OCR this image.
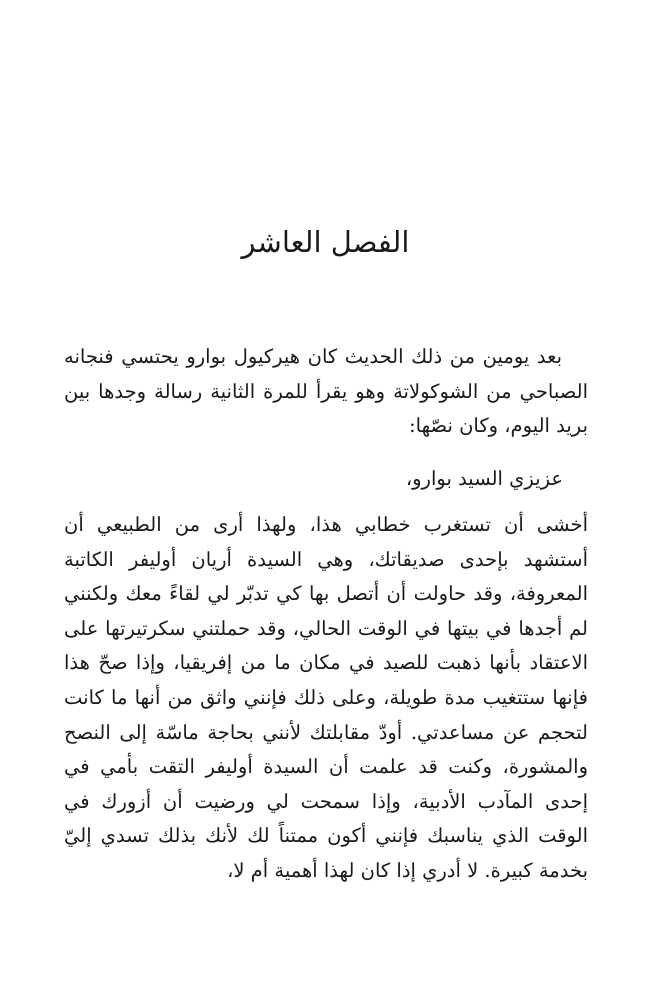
الفصل العاشر

بعد يومين من ذلك الحديث كان هيركيول بوارو يحتسي فنجانه الصباحي من الشوكولاتة وهو يقرأ للمرة الثانية رسالة وجدها بين بريد اليوم، وكان نصّها:

عزيزي السيد بوارو،

أخشى أن تستغرب خطابي هذا، ولهذا أرى من الطبيعي أن أستشهد بإحدى صديقاتك، وهي السيدة أريان أوليفر الكاتبة المعروفة، وقد حاولت أن أتصل بها كي تدبّر لي لقاءً معك ولكنني لم أجدها في بيتها في الوقت الحالي، وقد حملتني سكرتيرتها على الاعتقاد بأنها ذهبت للصيد في مكان ما من إفريقيا، وإذا صحّ هذا فإنها ستتغيب مدة طويلة، وعلى ذلك فإنني واثق من أنها ما كانت لتحجم عن مساعدتي. أودّ مقابلتك لأنني بحاجة ماسّة إلى النصح والمشورة، وكنت قد علمت أن السيدة أوليفر التقت بأمي في إحدى المآدب الأدبية، وإذا سمحت لي ورضيت أن أزورك في الوقت الذي يناسبك فإنني أكون ممتناً لك لأنك بذلك تسدي إليّ بخدمة كبيرة. لا أدري إذا كان لهذا أهمية أم لا،
